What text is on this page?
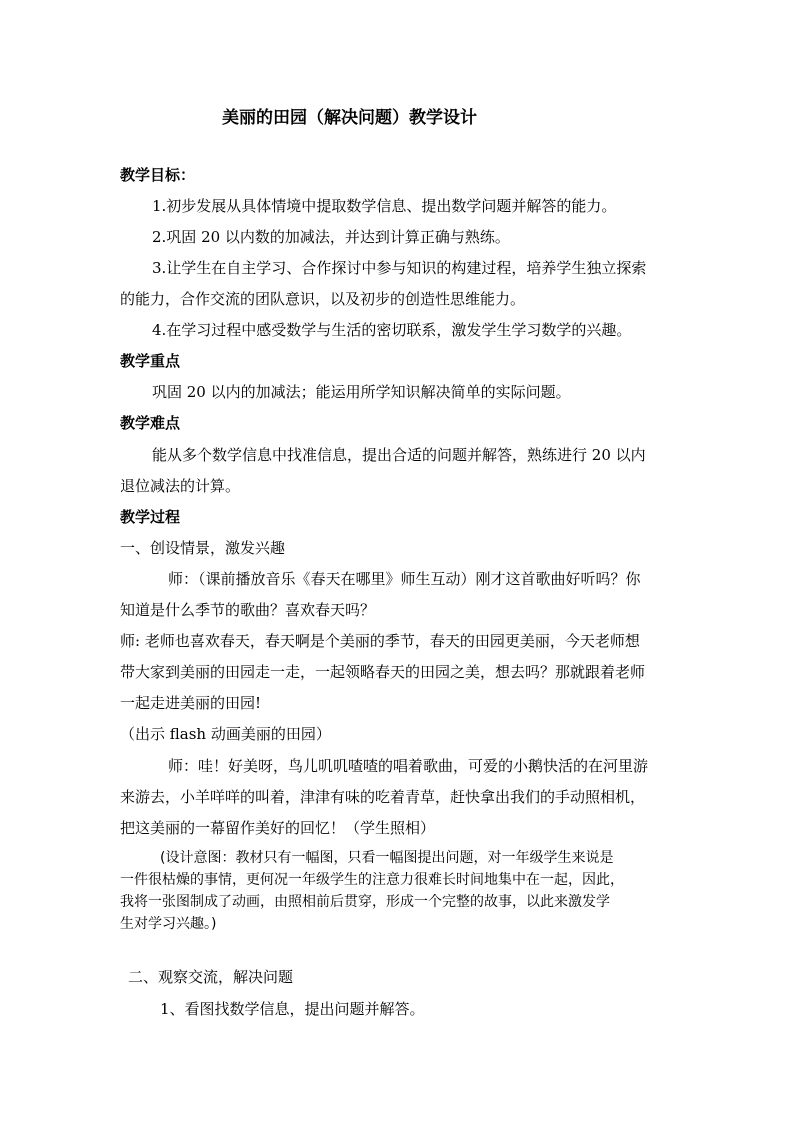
美丽的田园（解决问题）教学设计
教学目标：
1.初步发展从具体情境中提取数学信息、提出数学问题并解答的能力。
2.巩固 20 以内数的加减法，并达到计算正确与熟练。
3.让学生在自主学习、合作探讨中参与知识的构建过程，培养学生独立探索
的能力，合作交流的团队意识，以及初步的创造性思维能力。
4.在学习过程中感受数学与生活的密切联系，激发学生学习数学的兴趣。
教学重点
巩固 20 以内的加减法；能运用所学知识解决简单的实际问题。
教学难点
能从多个数学信息中找准信息，提出合适的问题并解答，熟练进行 20 以内
退位减法的计算。
教学过程
一、创设情景，激发兴趣
师：（课前播放音乐《春天在哪里》师生互动）刚才这首歌曲好听吗？你
知道是什么季节的歌曲？喜欢春天吗？
师: 老师也喜欢春天，春天啊是个美丽的季节，春天的田园更美丽，今天老师想
带大家到美丽的田园走一走，一起领略春天的田园之美，想去吗？那就跟着老师
一起走进美丽的田园!
（出示 flash 动画美丽的田园）
师：哇！好美呀，鸟儿叽叽喳喳的唱着歌曲，可爱的小鹅快活的在河里游
来游去，小羊咩咩的叫着，津津有味的吃着青草，赶快拿出我们的手动照相机，
把这美丽的一幕留作美好的回忆！（学生照相）
(设计意图：教材只有一幅图，只看一幅图提出问题，对一年级学生来说是
一件很枯燥的事情，更何况一年级学生的注意力很难长时间地集中在一起，因此，
我将一张图制成了动画，由照相前后贯穿，形成一个完整的故事，以此来激发学
生对学习兴趣。)
二、观察交流，解决问题
1、看图找数学信息，提出问题并解答。
